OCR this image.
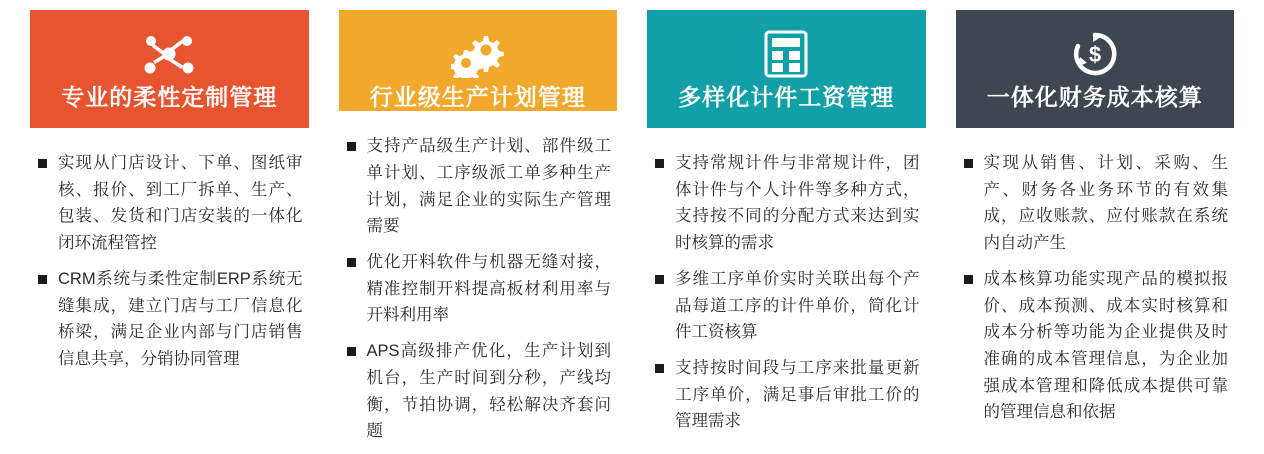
专业的柔性定制管理
实现从门店设计、下单、图纸审核、报价、到工厂拆单、生产、包装、发货和门店安装的一体化闭环流程管控
CRM系统与柔性定制ERP系统无缝集成，建立门店与工厂信息化桥梁，满足企业内部与门店销售信息共享，分销协同管理
行业级生产计划管理
支持产品级生产计划、部件级工单计划、工序级派工单多种生产计划，满足企业的实际生产管理需要
优化开料软件与机器无缝对接，精准控制开料提高板材利用率与开料利用率
APS高级排产优化，生产计划到机台，生产时间到分秒，产线均衡，节拍协调，轻松解决齐套问题
多样化计件工资管理
支持常规计件与非常规计件，团体计件与个人计件等多种方式，支持按不同的分配方式来达到实时核算的需求
多维工序单价实时关联出每个产品每道工序的计件单价，简化计件工资核算
支持按时间段与工序来批量更新工序单价，满足事后审批工价的管理需求
$
一体化财务成本核算
实现从销售、计划、采购、生产、财务各业务环节的有效集成，应收账款、应付账款在系统内自动产生
成本核算功能实现产品的模拟报价、成本预测、成本实时核算和成本分析等功能为企业提供及时准确的成本管理信息，为企业加强成本管理和降低成本提供可靠的管理信息和依据
